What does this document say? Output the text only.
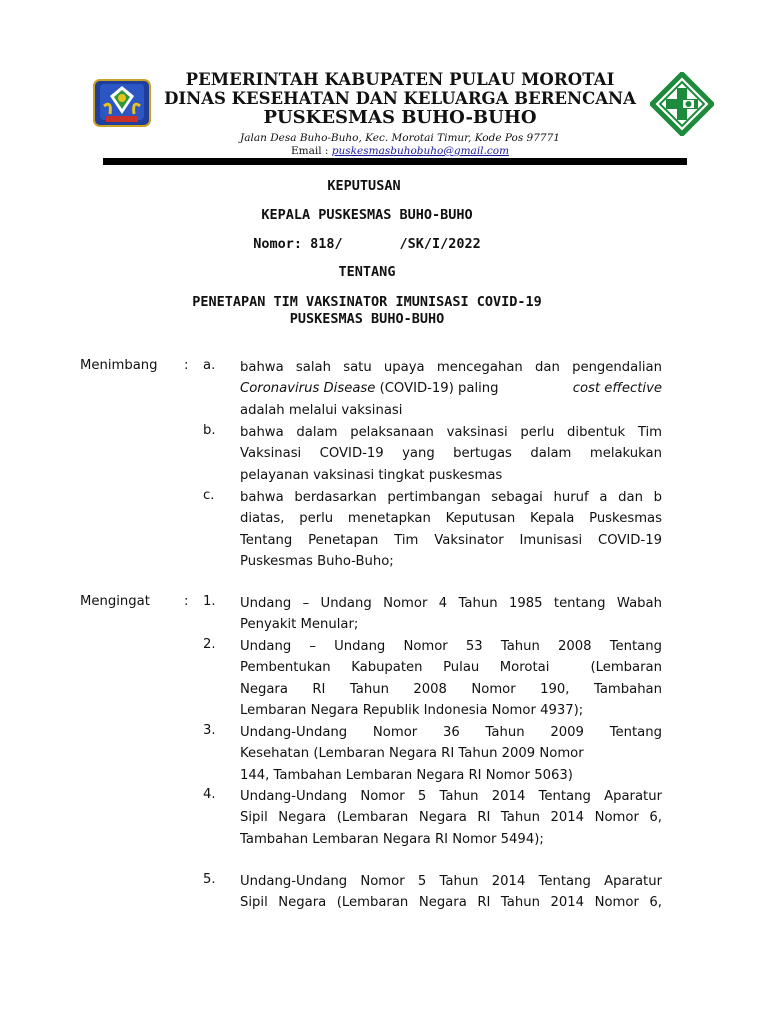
PEMERINTAH KABUPATEN PULAU MOROTAI
DINAS KESEHATAN DAN KELUARGA BERENCANA
PUSKESMAS BUHO-BUHO
Jalan Desa Buho-Buho, Kec. Morotai Timur, Kode Pos 97771
Email : puskesmasbuhobuho@gmail.com
KEPUTUSAN
KEPALA PUSKESMAS BUHO-BUHO
Nomor: 818/       /SK/I/2022
TENTANG
PENETAPAN TIM VAKSINATOR IMUNISASI COVID-19
PUSKESMAS BUHO-BUHO
Menimbang : a. bahwa salah satu upaya mencegahan dan pengendalian
Coronavirus Disease (COVID-19) paling	cost effective
adalah melalui vaksinasi
b. bahwa dalam pelaksanaan vaksinasi perlu dibentuk Tim
Vaksinasi COVID-19 yang bertugas dalam melakukan
pelayanan vaksinasi tingkat puskesmas
c. bahwa berdasarkan pertimbangan sebagai huruf a dan b
diatas, perlu menetapkan Keputusan Kepala Puskesmas
Tentang Penetapan Tim Vaksinator Imunisasi COVID-19
Puskesmas Buho-Buho;
Mengingat	: 1. Undang – Undang Nomor 4 Tahun 1985 tentang Wabah
Penyakit Menular;
2. Undang – Undang Nomor 53 Tahun 2008 Tentang
Pembentukan Kabupaten Pulau Morotai  (Lembaran
Negara RI Tahun 2008 Nomor 190, Tambahan
Lembaran Negara Republik Indonesia Nomor 4937);
3. Undang-Undang Nomor 36 Tahun 2009 Tentang
Kesehatan (Lembaran Negara RI Tahun 2009 Nomor
144, Tambahan Lembaran Negara RI Nomor 5063)
4. Undang-Undang Nomor 5 Tahun 2014 Tentang Aparatur
Sipil Negara (Lembaran Negara RI Tahun 2014 Nomor 6,
Tambahan Lembaran Negara RI Nomor 5494);
5. Undang-Undang Nomor 5 Tahun 2014 Tentang Aparatur
Sipil Negara (Lembaran Negara RI Tahun 2014 Nomor 6,
